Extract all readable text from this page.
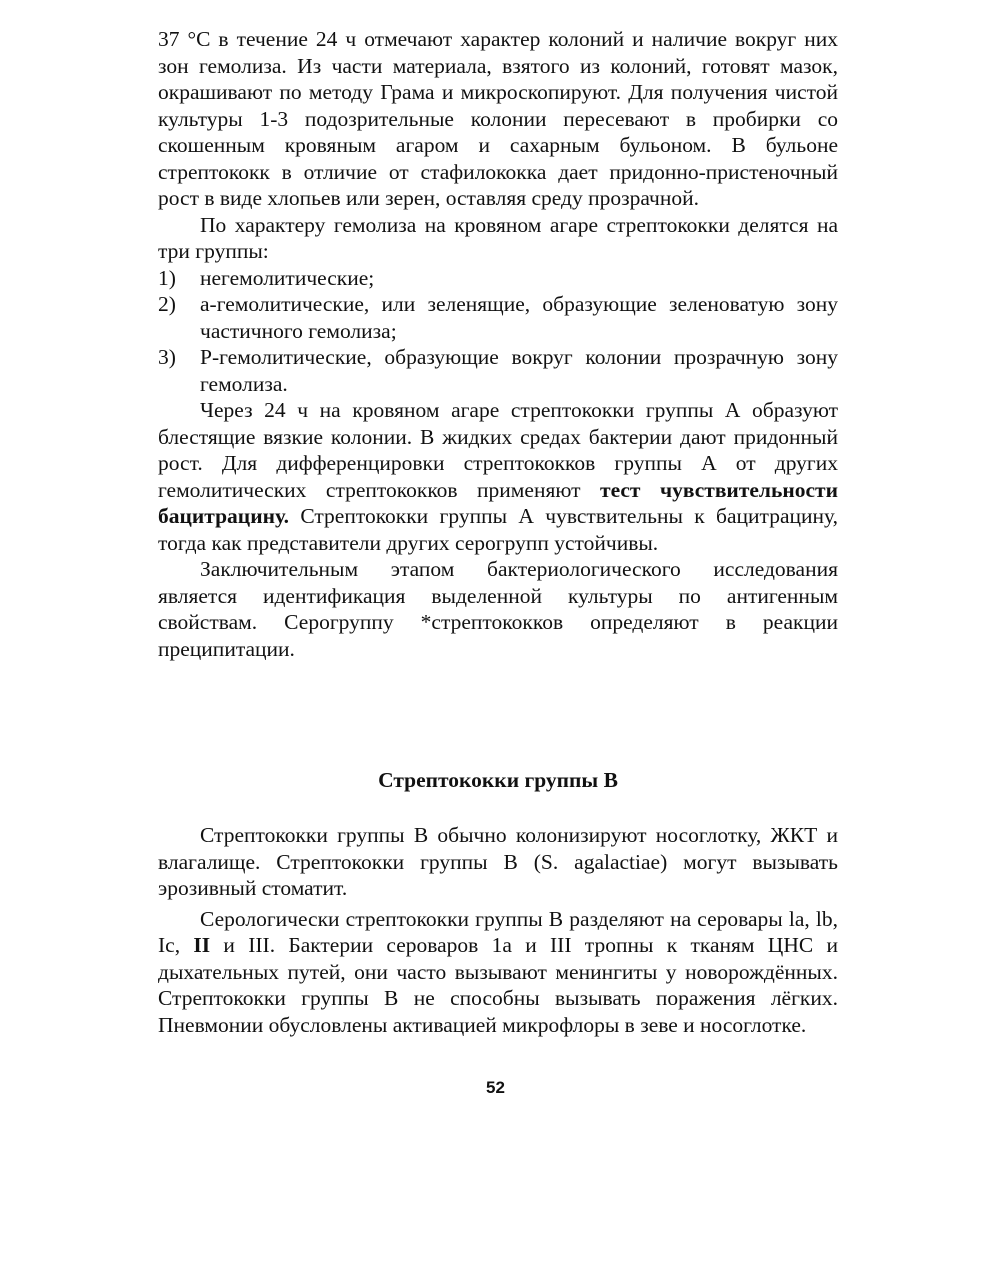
37 °С в течение 24 ч отмечают характер колоний и наличие вокруг них зон гемолиза. Из части материала, взятого из колоний, готовят мазок, окрашивают по методу Грама и микроскопируют. Для получения чистой культуры 1-3 подозрительные колонии пересевают в пробирки со скошенным кровяным агаром и сахарным бульоном. В бульоне стрептококк в отличие от стафилококка дает придонно-пристеночный рост в виде хлопьев или зерен, оставляя среду прозрачной.

По характеру гемолиза на кровяном агаре стрептококки делятся на три группы:

1) негемолитические;
2) а-гемолитические, или зеленящие, образующие зеленоватую зону частичного гемолиза;
3) Р-гемолитические, образующие вокруг колонии прозрачную зону гемолиза.

Через 24 ч на кровяном агаре стрептококки группы А образуют блестящие вязкие колонии. В жидких средах бактерии дают придонный рост. Для дифференцировки стрептококков группы А от других гемолитических стрептококков применяют тест чувствительности бацитрацину. Стрептококки группы А чувствительны к бацитрацину, тогда как представители других серогрупп устойчивы.

Заключительным этапом бактериологического исследования является идентификация выделенной культуры по антигенным свойствам. Серогруппу *стрептококков определяют в реакции преципитации.

Стрептококки группы В

Стрептококки группы В обычно колонизируют носоглотку, ЖКТ и влагалище. Стрептококки группы В (S. agalactiae) могут вызывать эрозивный стоматит.

Серологически стрептококки группы В разделяют на серовары la, lb, Ic, II и III. Бактерии сероваров 1a и III тропны к тканям ЦНС и дыхательных путей, они часто вызывают менингиты у новорождённых. Стрептококки группы В не способны вызывать поражения лёгких. Пневмонии обусловлены активацией микрофлоры в зеве и носоглотке.

52
